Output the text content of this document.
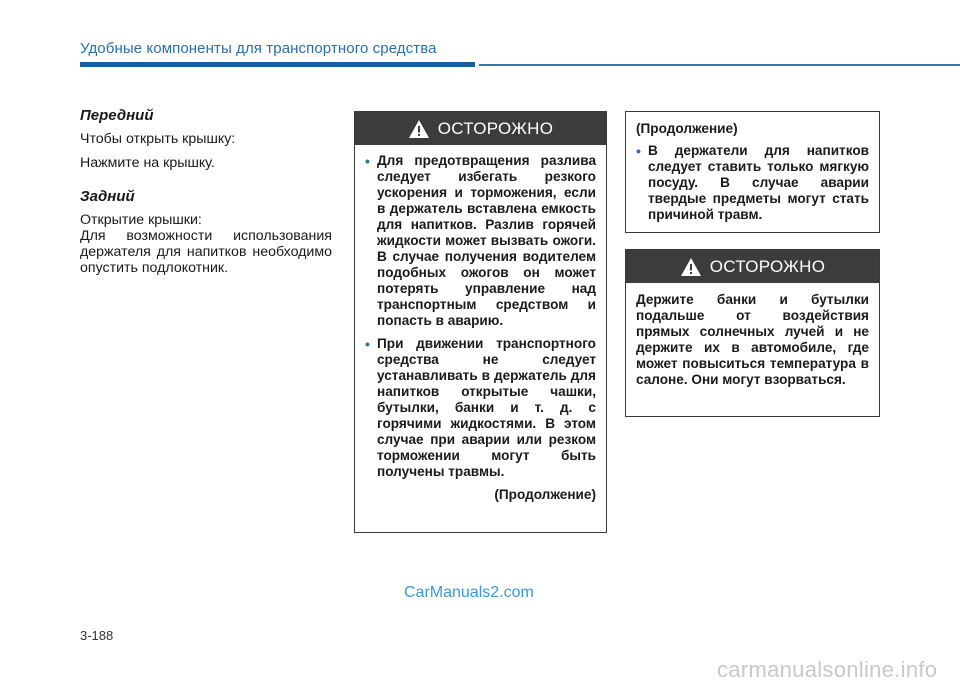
Удобные компоненты для транспортного средства
Передний

Чтобы открыть крышку:

Нажмите на крышку.

Задний

Открытие крышки:

Для возможности использования держателя для напитков необходимо опустить подлокотник.

ОСТОРОЖНО
• Для предотвращения разлива следует избегать резкого ускорения и торможения, если в держатель вставлена емкость для напитков. Разлив горячей жидкости может вызвать ожоги. В случае получения водителем подобных ожогов он может потерять управление над транспортным средством и попасть в аварию.
• При движении транспортного средства не следует устанавливать в держатель для напитков открытые чашки, бутылки, банки и т. д. с горячими жидкостями. В этом случае при аварии или резком торможении могут быть получены травмы.
(Продолжение)
(Продолжение)
• В держатели для напитков следует ставить только мягкую посуду. В случае аварии твердые предметы могут стать причиной травм.
ОСТОРОЖНО
Держите банки и бутылки подальше от воздействия прямых солнечных лучей и не держите их в автомобиле, где может повыситься температура в салоне. Они могут взорваться.
CarManuals2.com
3-188
carmanualsonline.info
